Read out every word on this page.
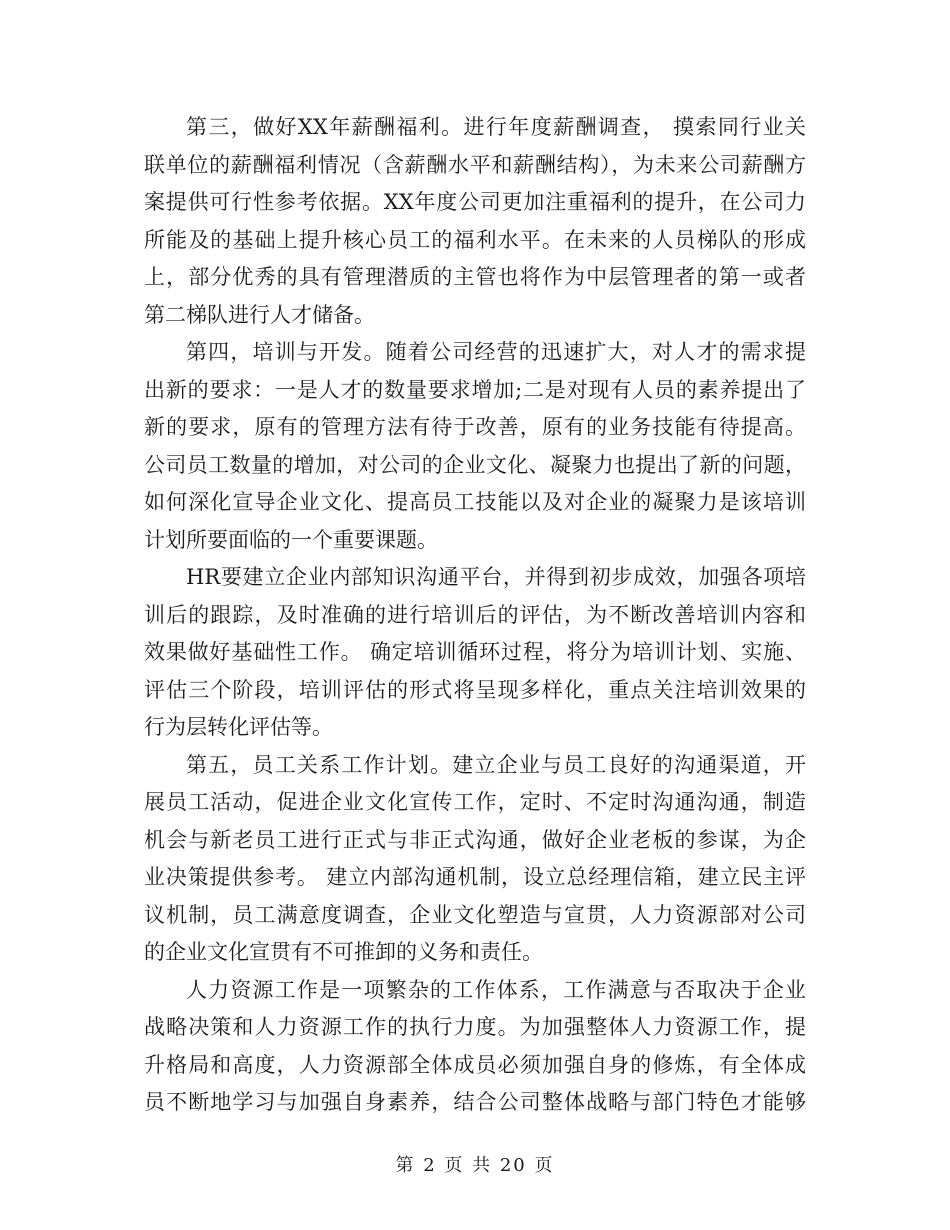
第三，做好XX年薪酬福利。进行年度薪酬调查， 摸索同行业关
联单位的薪酬福利情况（含薪酬水平和薪酬结构），为未来公司薪酬方
案提供可行性参考依据。XX年度公司更加注重福利的提升，在公司力
所能及的基础上提升核心员工的福利水平。在未来的人员梯队的形成
上，部分优秀的具有管理潜质的主管也将作为中层管理者的第一或者
第二梯队进行人才储备。
第四，培训与开发。随着公司经营的迅速扩大，对人才的需求提
出新的要求：一是人才的数量要求增加;二是对现有人员的素养提出了
新的要求，原有的管理方法有待于改善，原有的业务技能有待提高。
公司员工数量的增加，对公司的企业文化、凝聚力也提出了新的问题，
如何深化宣导企业文化、提高员工技能以及对企业的凝聚力是该培训
计划所要面临的一个重要课题。
HR要建立企业内部知识沟通平台，并得到初步成效，加强各项培
训后的跟踪，及时准确的进行培训后的评估，为不断改善培训内容和
效果做好基础性工作。 确定培训循环过程，将分为培训计划、实施、
评估三个阶段，培训评估的形式将呈现多样化，重点关注培训效果的
行为层转化评估等。
第五，员工关系工作计划。建立企业与员工良好的沟通渠道，开
展员工活动，促进企业文化宣传工作，定时、不定时沟通沟通，制造
机会与新老员工进行正式与非正式沟通，做好企业老板的参谋，为企
业决策提供参考。 建立内部沟通机制，设立总经理信箱，建立民主评
议机制，员工满意度调查，企业文化塑造与宣贯，人力资源部对公司
的企业文化宣贯有不可推卸的义务和责任。
人力资源工作是一项繁杂的工作体系，工作满意与否取决于企业
战略决策和人力资源工作的执行力度。为加强整体人力资源工作，提
升格局和高度，人力资源部全体成员必须加强自身的修炼，有全体成
员不断地学习与加强自身素养，结合公司整体战略与部门特色才能够
第 2 页 共 20 页
